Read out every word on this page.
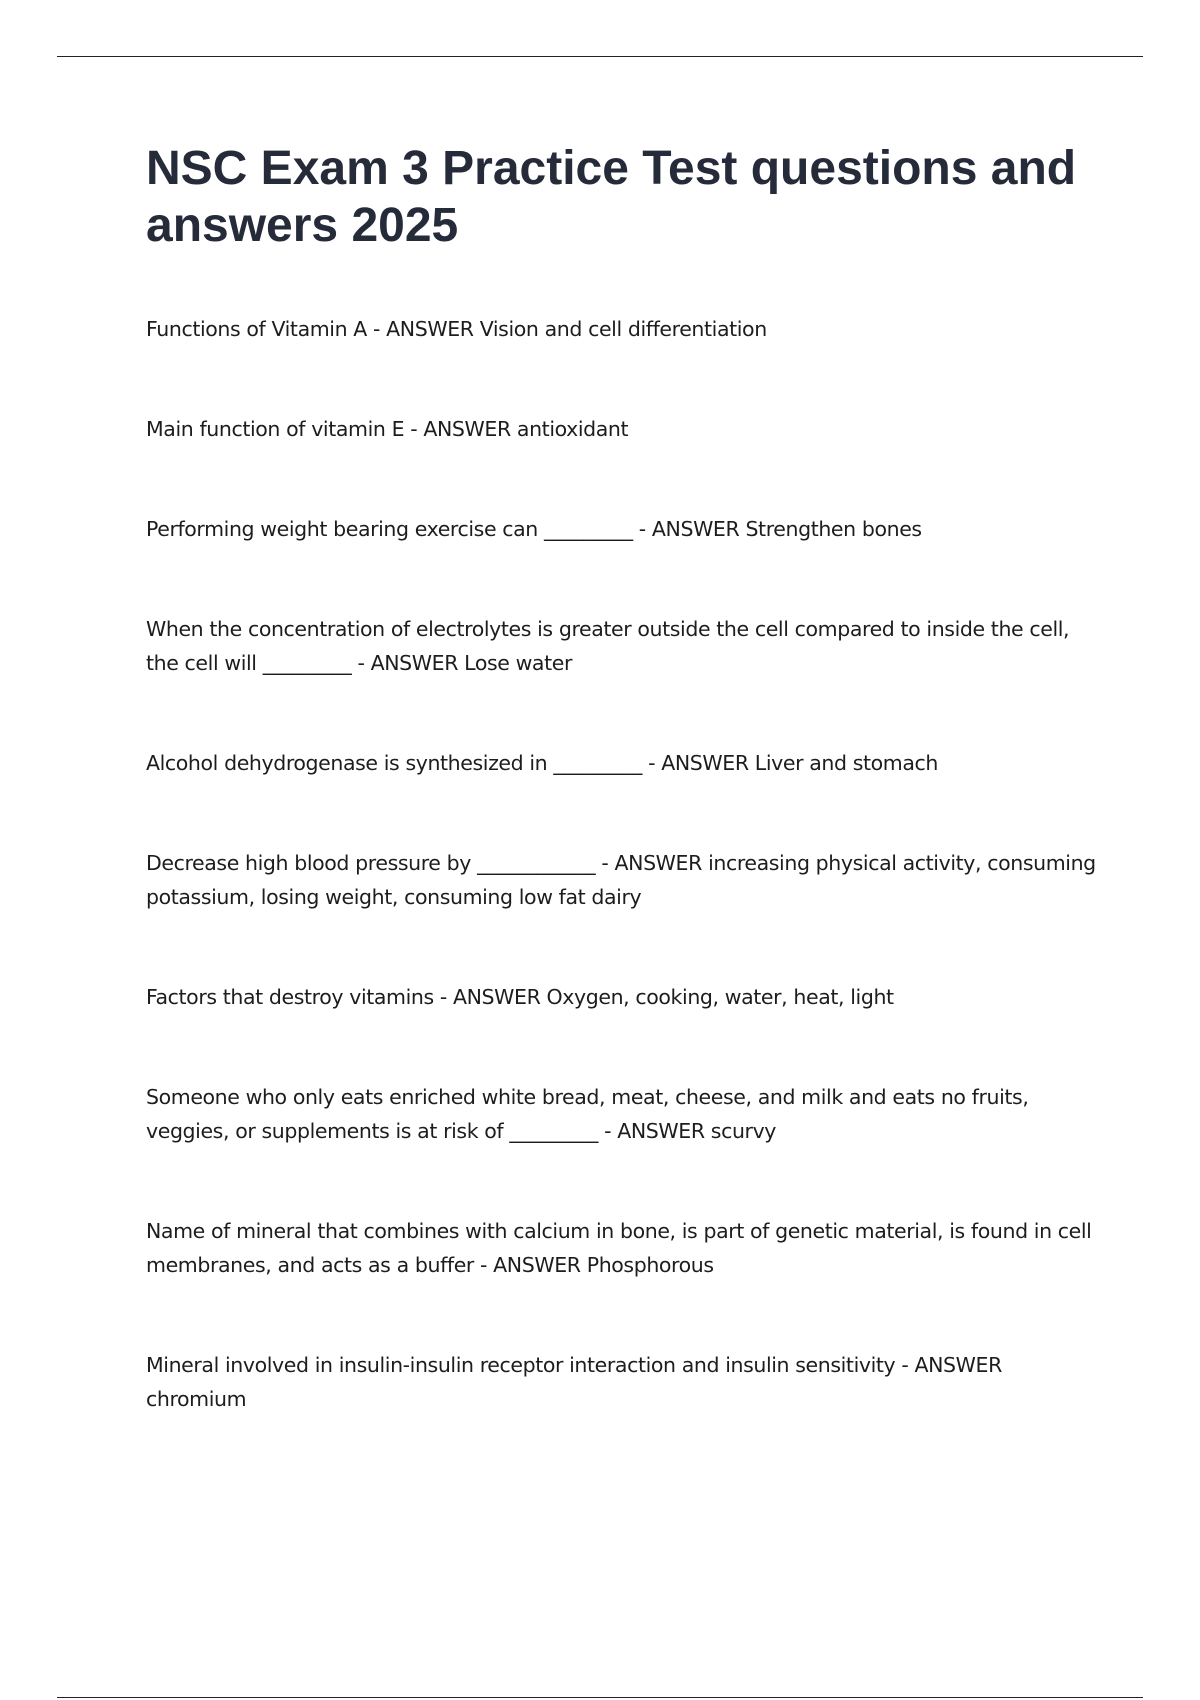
NSC Exam 3 Practice Test questions and answers 2025

Functions of Vitamin A - ANSWER Vision and cell differentiation

Main function of vitamin E - ANSWER antioxidant

Performing weight bearing exercise can _________ - ANSWER Strengthen bones

When the concentration of electrolytes is greater outside the cell compared to inside the cell, the cell will _________ - ANSWER Lose water

Alcohol dehydrogenase is synthesized in _________ - ANSWER Liver and stomach

Decrease high blood pressure by ____________ - ANSWER increasing physical activity, consuming potassium, losing weight, consuming low fat dairy

Factors that destroy vitamins - ANSWER Oxygen, cooking, water, heat, light

Someone who only eats enriched white bread, meat, cheese, and milk and eats no fruits, veggies, or supplements is at risk of _________ - ANSWER scurvy

Name of mineral that combines with calcium in bone, is part of genetic material, is found in cell membranes, and acts as a buffer - ANSWER Phosphorous

Mineral involved in insulin-insulin receptor interaction and insulin sensitivity - ANSWER chromium
